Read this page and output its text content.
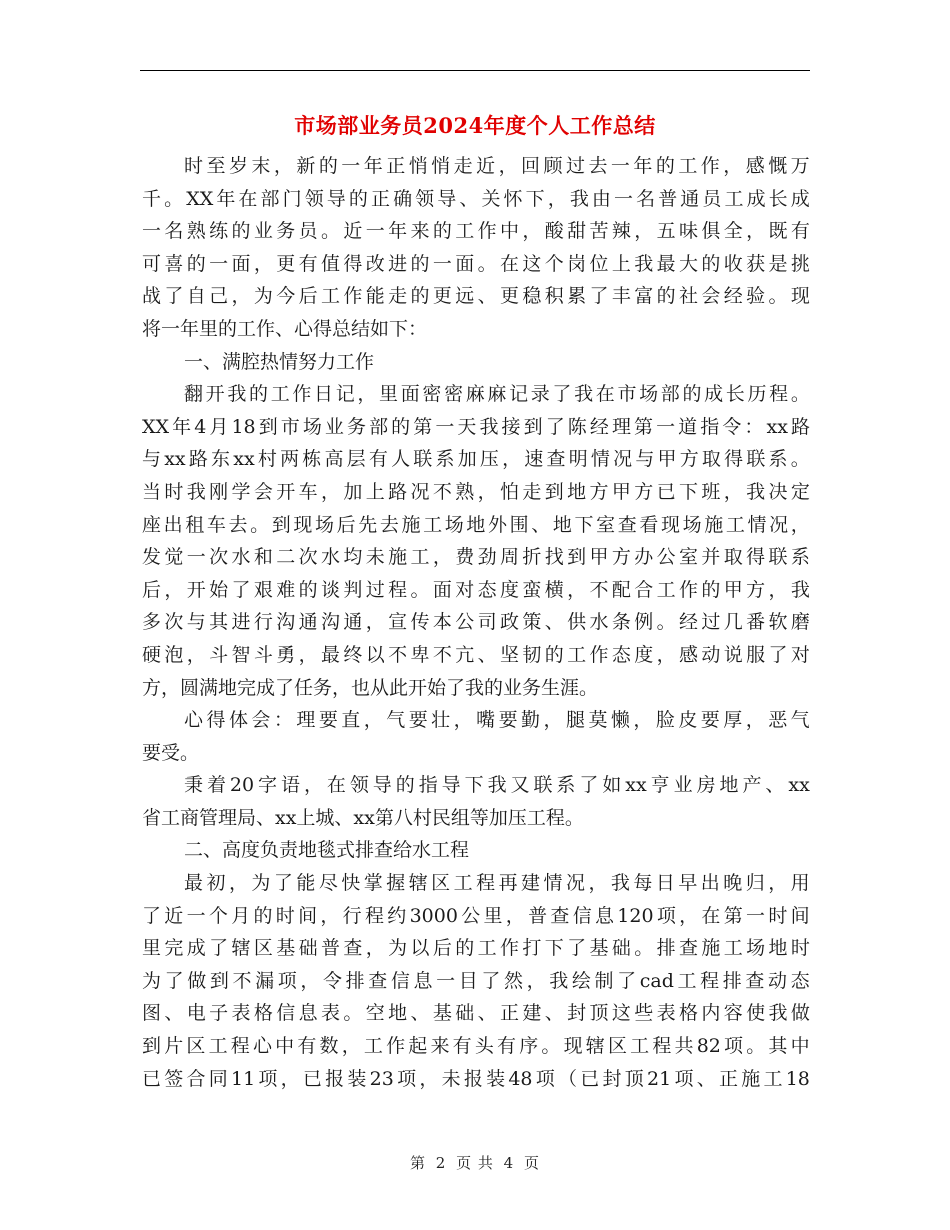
市场部业务员2024年度个人工作总结
时 至 岁 末 ， 新 的 一 年 正 悄 悄 走 近 ， 回 顾 过 去 一 年 的 工 作 ， 感 慨 万
千 。 XX 年 在 部 门 领 导 的 正 确 领 导 、 关 怀 下 ， 我 由 一 名 普 通 员 工 成 长 成
一 名 熟 练 的 业 务 员 。 近 一 年 来 的 工 作 中 ， 酸 甜 苦 辣 ， 五 味 俱 全 ， 既 有
可 喜 的 一 面 ， 更 有 值 得 改 进 的 一 面 。 在 这 个 岗 位 上 我 最 大 的 收 获 是 挑
战 了 自 己 ， 为 今 后 工 作 能 走 的 更 远 、 更 稳 积 累 了 丰 富 的 社 会 经 验 。 现
将一年里的工作、心得总结如下：
一、满腔热情努力工作
翻 开 我 的 工 作 日 记 ， 里 面 密 密 麻 麻 记 录 了 我 在 市 场 部 的 成 长 历 程 。
XX 年 4 月 18 到 市 场 业 务 部 的 第 一 天 我 接 到 了 陈 经 理 第 一 道 指 令 ： xx 路
与 xx 路 东 xx 村 两 栋 高 层 有 人 联 系 加 压 ， 速 查 明 情 况 与 甲 方 取 得 联 系 。
当 时 我 刚 学 会 开 车 ， 加 上 路 况 不 熟 ， 怕 走 到 地 方 甲 方 已 下 班 ， 我 决 定
座 出 租 车 去 。 到 现 场 后 先 去 施 工 场 地 外 围 、 地 下 室 查 看 现 场 施 工 情 况 ，
发 觉 一 次 水 和 二 次 水 均 未 施 工 ， 费 劲 周 折 找 到 甲 方 办 公 室 并 取 得 联 系
后 ， 开 始 了 艰 难 的 谈 判 过 程 。 面 对 态 度 蛮 横 ， 不 配 合 工 作 的 甲 方 ， 我
多 次 与 其 进 行 沟 通 沟 通 ， 宣 传 本 公 司 政 策 、 供 水 条 例 。 经 过 几 番 软 磨
硬 泡 ， 斗 智 斗 勇 ， 最 终 以 不 卑 不 亢 、 坚 韧 的 工 作 态 度 ， 感 动 说 服 了 对
方，圆满地完成了任务，也从此开始了我的业务生涯。
心 得 体 会 ： 理 要 直 ， 气 要 壮 ， 嘴 要 勤 ， 腿 莫 懒 ， 脸 皮 要 厚 ， 恶 气
要受。
秉 着 20 字 语 ， 在 领 导 的 指 导 下 我 又 联 系 了 如 xx 亨 业 房 地 产 、 xx
省工商管理局、xx上城、xx第八村民组等加压工程。
二、高度负责地毯式排查给水工程
最 初 ， 为 了 能 尽 快 掌 握 辖 区 工 程 再 建 情 况 ， 我 每 日 早 出 晚 归 ， 用
了 近 一 个 月 的 时 间 ， 行 程 约 3000 公 里 ， 普 查 信 息 120 项 ， 在 第 一 时 间
里 完 成 了 辖 区 基 础 普 查 ， 为 以 后 的 工 作 打 下 了 基 础 。 排 查 施 工 场 地 时
为 了 做 到 不 漏 项 ， 令 排 查 信 息 一 目 了 然 ， 我 绘 制 了 cad 工 程 排 查 动 态
图 、 电 子 表 格 信 息 表 。 空 地 、 基 础 、 正 建 、 封 顶 这 些 表 格 内 容 使 我 做
到 片 区 工 程 心 中 有 数 ， 工 作 起 来 有 头 有 序 。 现 辖 区 工 程 共 82 项 。 其 中
已 签 合 同 11 项 ， 已 报 装 23 项 ， 未 报 装 48 项 （ 已 封 顶 21 项 、 正 施 工 18
第 2 页 共 4 页
